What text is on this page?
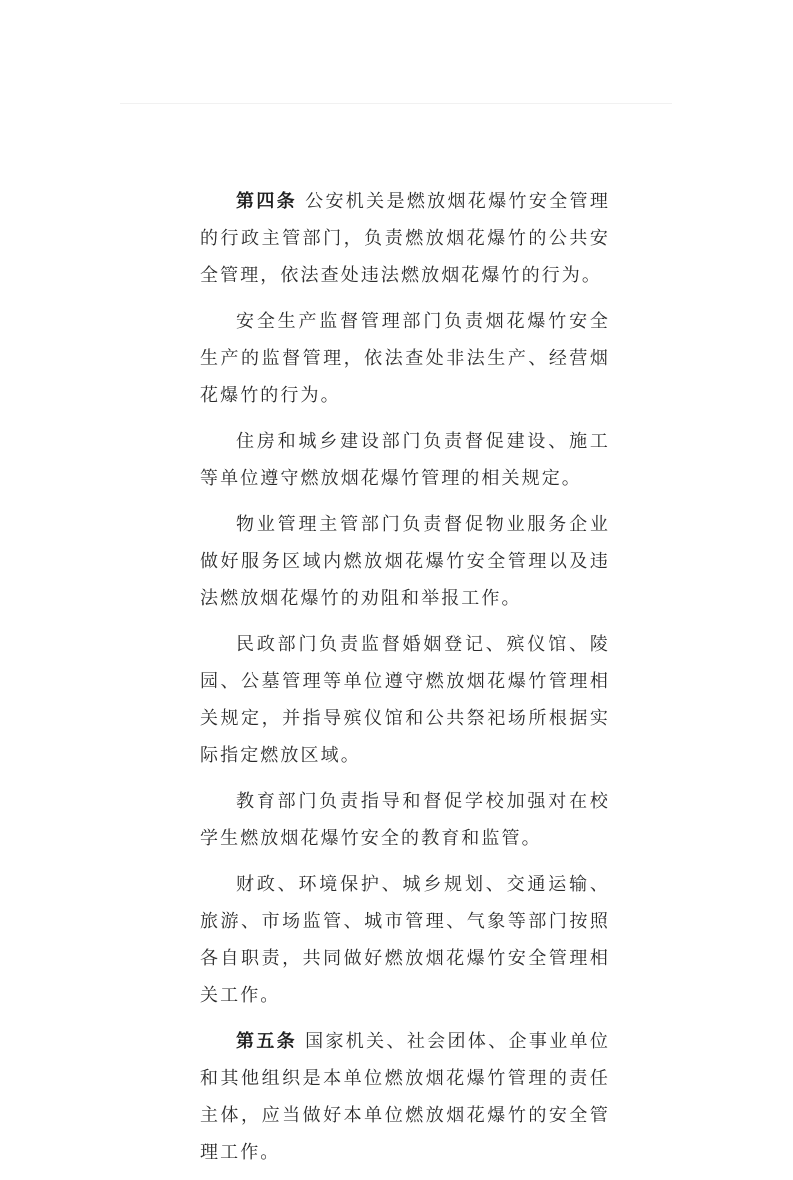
第四条 公安机关是燃放烟花爆竹安全管理的行政主管部门，负责燃放烟花爆竹的公共安全管理，依法查处违法燃放烟花爆竹的行为。

安全生产监督管理部门负责烟花爆竹安全生产的监督管理，依法查处非法生产、经营烟花爆竹的行为。

住房和城乡建设部门负责督促建设、施工等单位遵守燃放烟花爆竹管理的相关规定。

物业管理主管部门负责督促物业服务企业做好服务区域内燃放烟花爆竹安全管理以及违法燃放烟花爆竹的劝阻和举报工作。

民政部门负责监督婚姻登记、殡仪馆、陵园、公墓管理等单位遵守燃放烟花爆竹管理相关规定，并指导殡仪馆和公共祭祀场所根据实际指定燃放区域。

教育部门负责指导和督促学校加强对在校学生燃放烟花爆竹安全的教育和监管。

财政、环境保护、城乡规划、交通运输、旅游、市场监管、城市管理、气象等部门按照各自职责，共同做好燃放烟花爆竹安全管理相关工作。

第五条 国家机关、社会团体、企事业单位和其他组织是本单位燃放烟花爆竹管理的责任主体，应当做好本单位燃放烟花爆竹的安全管理工作。
